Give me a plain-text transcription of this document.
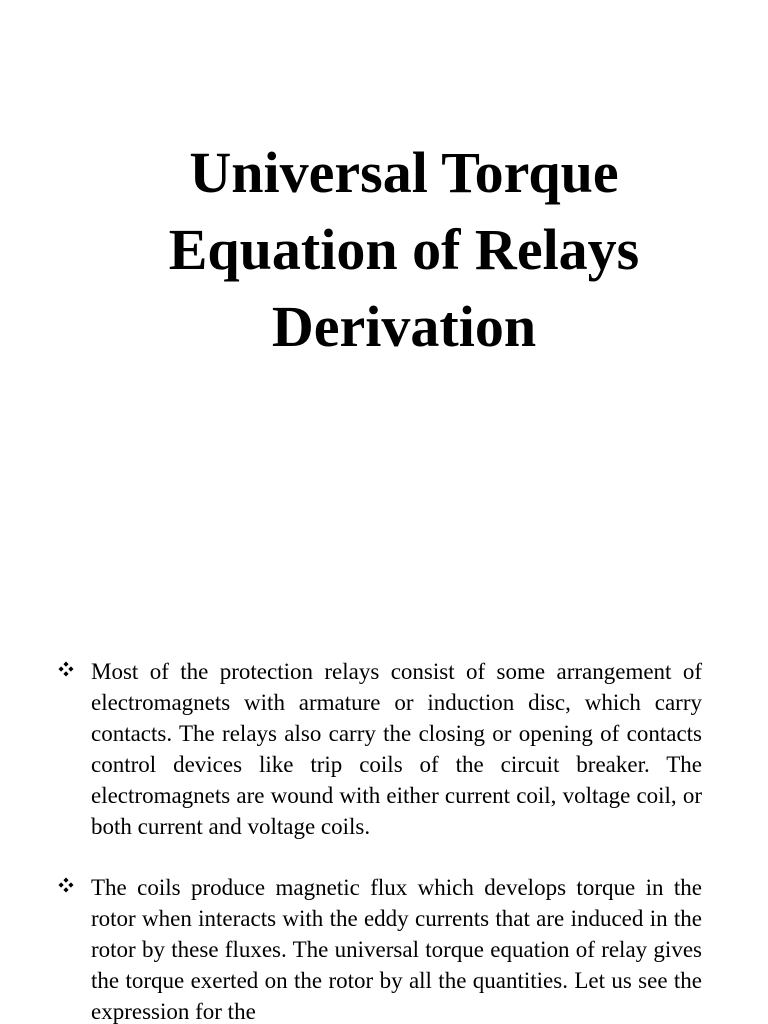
Universal Torque
Equation of Relays
Derivation

Most of the protection relays consist of some arrangement of electromagnets with armature or induction disc, which carry contacts. The relays also carry the closing or opening of contacts control devices like trip coils of the circuit breaker. The electromagnets are wound with either current coil, voltage coil, or both current and voltage coils.

The coils produce magnetic flux which develops torque in the rotor when interacts with the eddy currents that are induced in the rotor by these fluxes. The universal torque equation of relay gives the torque exerted on the rotor by all the quantities. Let us see the expression for the
